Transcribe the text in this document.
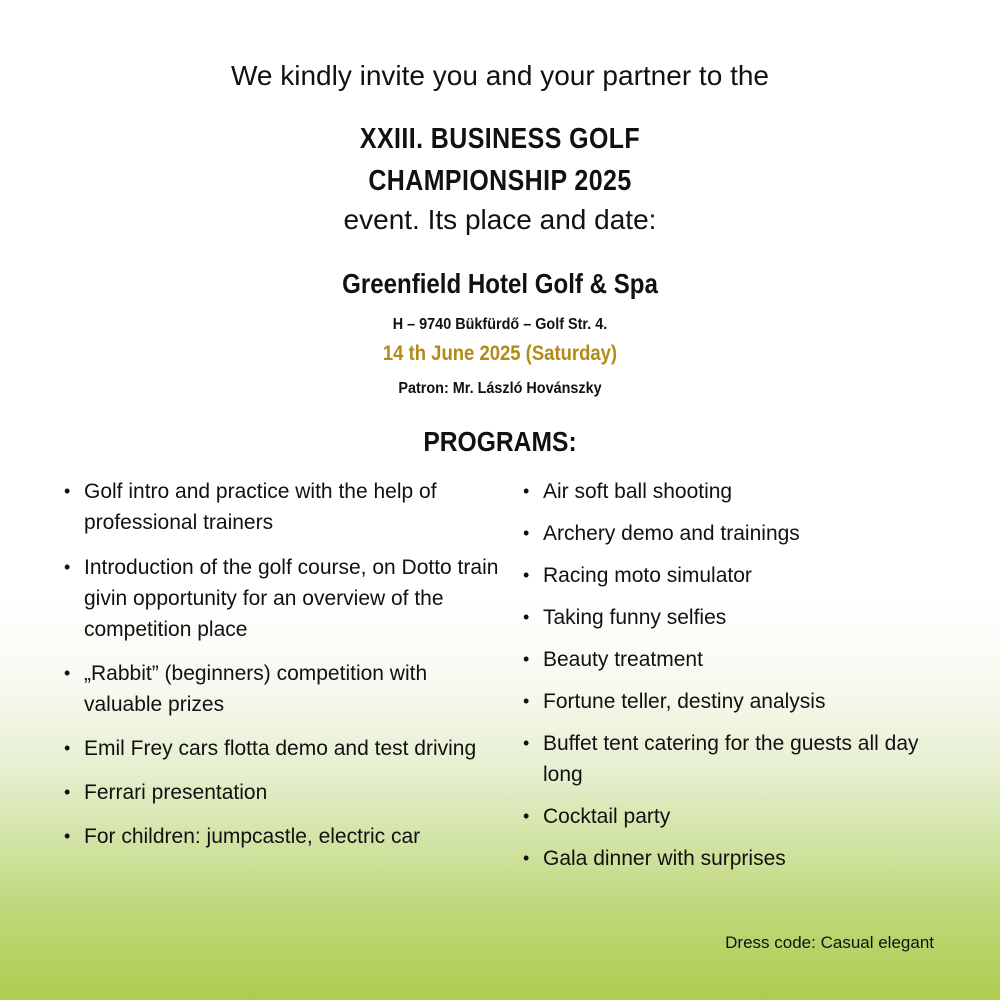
We kindly invite you and your partner to the
XXIII. BUSINESS GOLF
CHAMPIONSHIP 2025
event. Its place and date:
Greenfield Hotel Golf & Spa
H – 9740 Bükfürdő – Golf Str. 4.
14 th June 2025 (Saturday)
Patron: Mr. László Hovánszky
PROGRAMS:
• Golf intro and practice with the help of professional trainers
• Introduction of the golf course, on Dotto train givin opportunity for an overview of the competition place
• „Rabbit” (beginners) competition with valuable prizes
• Emil Frey cars flotta demo and test driving
• Ferrari presentation
• For children: jumpcastle, electric car
• Air soft ball shooting
• Archery demo and trainings
• Racing moto simulator
• Taking funny selfies
• Beauty treatment
• Fortune teller, destiny analysis
• Buffet tent catering for the guests all day long
• Cocktail party
• Gala dinner with surprises
Dress code: Casual elegant
